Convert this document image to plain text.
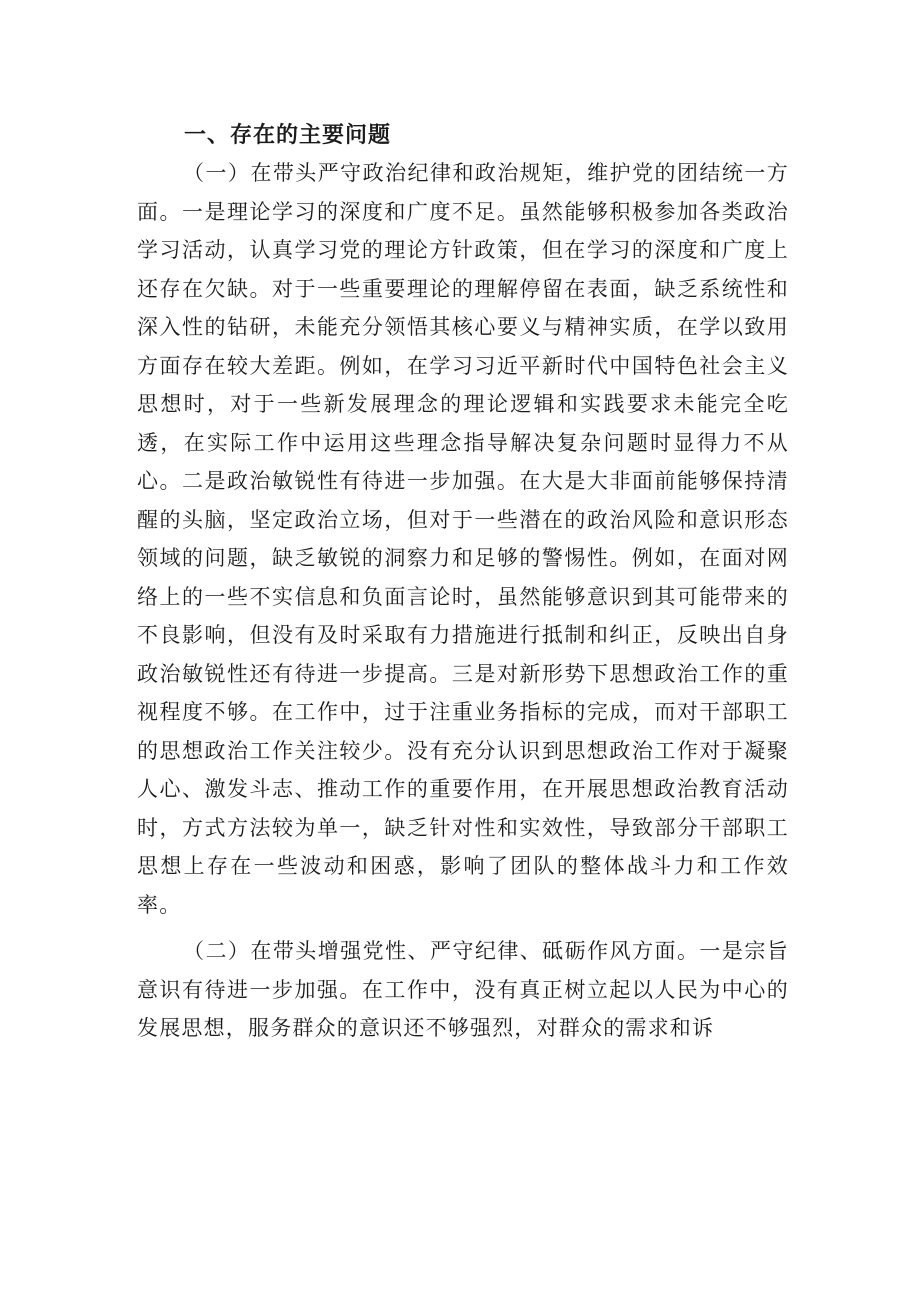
一、存在的主要问题

（一）在带头严守政治纪律和政治规矩，维护党的团结统一方面。一是理论学习的深度和广度不足。虽然能够积极参加各类政治学习活动，认真学习党的理论方针政策，但在学习的深度和广度上还存在欠缺。对于一些重要理论的理解停留在表面，缺乏系统性和深入性的钻研，未能充分领悟其核心要义与精神实质，在学以致用方面存在较大差距。例如，在学习习近平新时代中国特色社会主义思想时，对于一些新发展理念的理论逻辑和实践要求未能完全吃透，在实际工作中运用这些理念指导解决复杂问题时显得力不从心。二是政治敏锐性有待进一步加强。在大是大非面前能够保持清醒的头脑，坚定政治立场，但对于一些潜在的政治风险和意识形态领域的问题，缺乏敏锐的洞察力和足够的警惕性。例如，在面对网络上的一些不实信息和负面言论时，虽然能够意识到其可能带来的不良影响，但没有及时采取有力措施进行抵制和纠正，反映出自身政治敏锐性还有待进一步提高。三是对新形势下思想政治工作的重视程度不够。在工作中，过于注重业务指标的完成，而对干部职工的思想政治工作关注较少。没有充分认识到思想政治工作对于凝聚人心、激发斗志、推动工作的重要作用，在开展思想政治教育活动时，方式方法较为单一，缺乏针对性和实效性，导致部分干部职工思想上存在一些波动和困惑，影响了团队的整体战斗力和工作效率。

（二）在带头增强党性、严守纪律、砥砺作风方面。一是宗旨意识有待进一步加强。在工作中，没有真正树立起以人民为中心的发展思想，服务群众的意识还不够强烈，对群众的需求和诉
